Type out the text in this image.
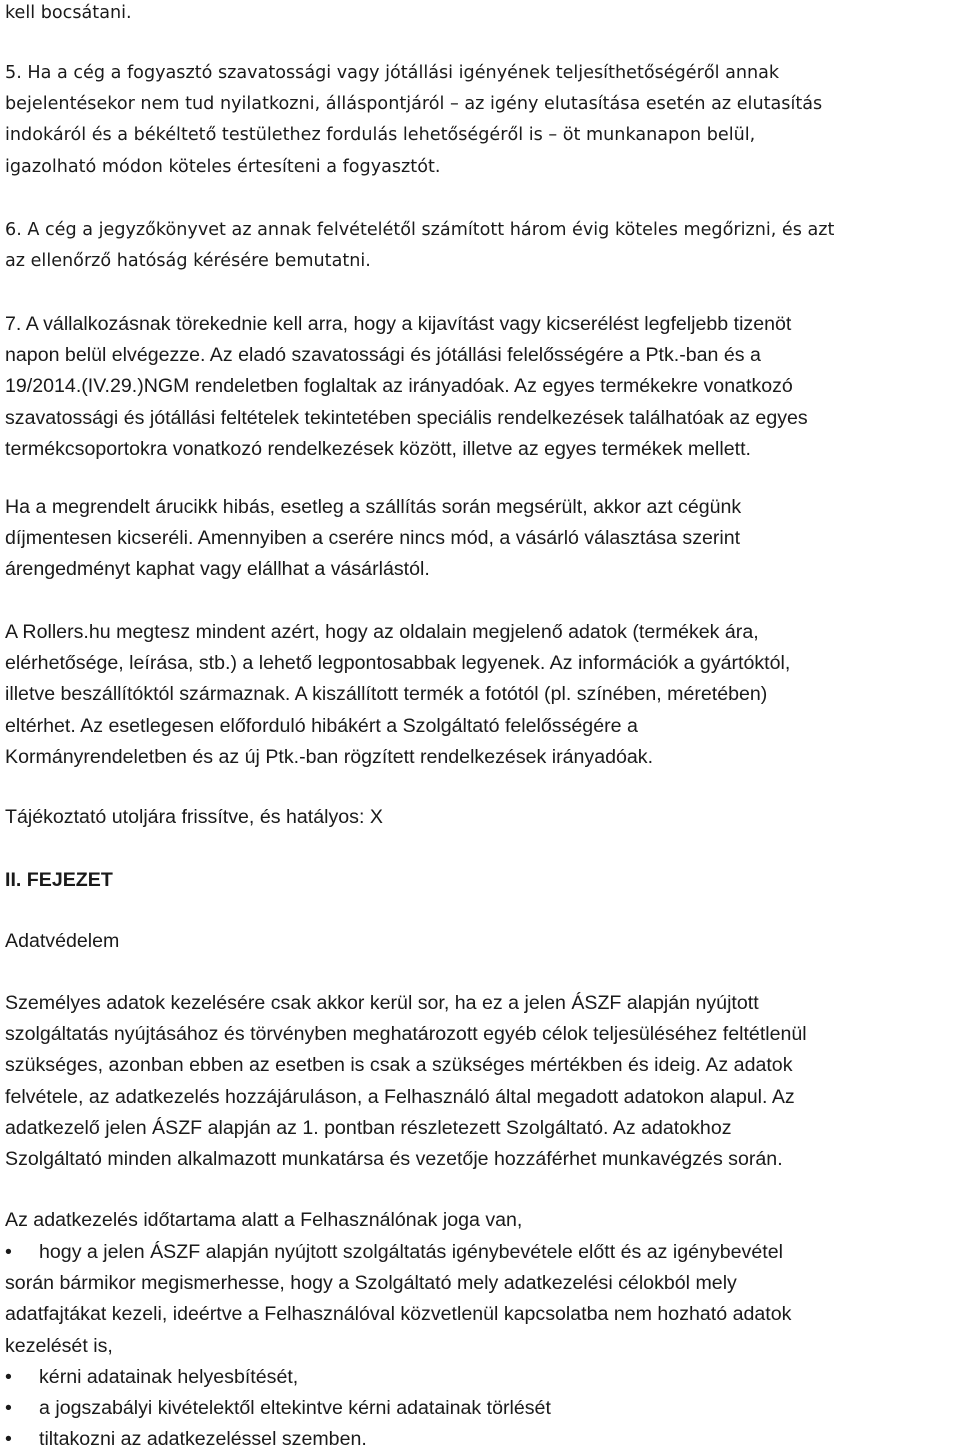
kell bocsátani.
5. Ha a cég a fogyasztó szavatossági vagy jótállási igényének teljesíthetőségéről annak
bejelentésekor nem tud nyilatkozni, álláspontjáról – az igény elutasítása esetén az elutasítás
indokáról és a békéltető testülethez fordulás lehetőségéről is – öt munkanapon belül,
igazolható módon köteles értesíteni a fogyasztót.
6. A cég a jegyzőkönyvet az annak felvételétől számított három évig köteles megőrizni, és azt
az ellenőrző hatóság kérésére bemutatni.
7. A vállalkozásnak törekednie kell arra, hogy a kijavítást vagy kicserélést legfeljebb tizenöt
napon belül elvégezze. Az eladó szavatossági és jótállási felelősségére a Ptk.-ban és a
19/2014.(IV.29.)NGM rendeletben foglaltak az irányadóak. Az egyes termékekre vonatkozó
szavatossági és jótállási feltételek tekintetében speciális rendelkezések találhatóak az egyes
termékcsoportokra vonatkozó rendelkezések között, illetve az egyes termékek mellett.
Ha a megrendelt árucikk hibás, esetleg a szállítás során megsérült, akkor azt cégünk
díjmentesen kicseréli. Amennyiben a cserére nincs mód, a vásárló választása szerint
árengedményt kaphat vagy elállhat a vásárlástól.
A Rollers.hu megtesz mindent azért, hogy az oldalain megjelenő adatok (termékek ára,
elérhetősége, leírása, stb.) a lehető legpontosabbak legyenek. Az információk a gyártóktól,
illetve beszállítóktól származnak. A kiszállított termék a fotótól (pl. színében, méretében)
eltérhet. Az esetlegesen előforduló hibákért a Szolgáltató felelősségére a
Kormányrendeletben és az új Ptk.-ban rögzített rendelkezések irányadóak.
Tájékoztató utoljára frissítve, és hatályos: X
II. FEJEZET
Adatvédelem
Személyes adatok kezelésére csak akkor kerül sor, ha ez a jelen ÁSZF alapján nyújtott
szolgáltatás nyújtásához és törvényben meghatározott egyéb célok teljesüléséhez feltétlenül
szükséges, azonban ebben az esetben is csak a szükséges mértékben és ideig. Az adatok
felvétele, az adatkezelés hozzájáruláson, a Felhasználó által megadott adatokon alapul. Az
adatkezelő jelen ÁSZF alapján az 1. pontban részletezett Szolgáltató. Az adatokhoz
Szolgáltató minden alkalmazott munkatársa és vezetője hozzáférhet munkavégzés során.
Az adatkezelés időtartama alatt a Felhasználónak joga van,
• hogy a jelen ÁSZF alapján nyújtott szolgáltatás igénybevétele előtt és az igénybevétel
során bármikor megismerhesse, hogy a Szolgáltató mely adatkezelési célokból mely
adatfajtákat kezeli, ideértve a Felhasználóval közvetlenül kapcsolatba nem hozható adatok
kezelését is,
• kérni adatainak helyesbítését,
• a jogszabályi kivételektől eltekintve kérni adatainak törlését
• tiltakozni az adatkezeléssel szemben.
